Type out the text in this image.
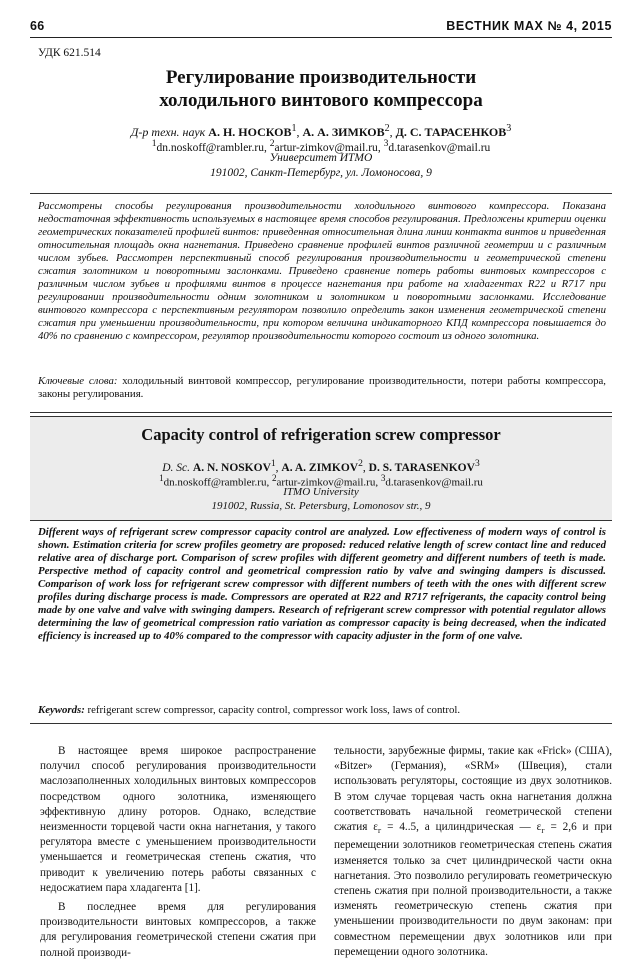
66	ВЕСТНИК МАХ № 4, 2015
УДК 621.514
Регулирование производительности
холодильного винтового компрессора
Д-р техн. наук А. Н. НОСКОВ$^1$, А. А. ЗИМКОВ$^2$, Д. С. ТАРАСЕНКОВ$^3$
$^1$dn.noskoff@rambler.ru, $^2$artur-zimkov@mail.ru, $^3$d.tarasenkov@mail.ru
Университет ИТМО
191002, Санкт-Петербург, ул. Ломоносова, 9
Рассмотрены способы регулирования производительности холодильного винтового компрессора. Показана недостаточная эффективность используемых в настоящее время способов регулирования. Предложены критерии оценки геометрических показателей профилей винтов: приведенная относительная длина линии контакта винтов и приведенная относительная площадь окна нагнетания. Приведено сравнение профилей винтов различной геометрии и с различным числом зубьев. Рассмотрен перспективный способ регулирования производительности и геометрической степени сжатия золотником и поворотными заслонками. Приведено сравнение потерь работы винтовых компрессоров с различным числом зубьев и профилями винтов в процессе нагнетания при работе на хладагентах R22 и R717 при регулировании производительности одним золотником и золотником и поворотными заслонками. Исследование винтового компрессора с перспективным регулятором позволило определить закон изменения геометрической степени сжатия при уменьшении производительности, при котором величина индикаторного КПД компрессора повышается до 40% по сравнению с компрессором, регулятор производительности которого состоит из одного золотника.
Ключевые слова: холодильный винтовой компрессор, регулирование производительности, потери работы компрессора, законы регулирования.
Capacity control of refrigeration screw compressor
D. Sc. A. N. NOSKOV$^1$, A. A. ZIMKOV$^2$, D. S. TARASENKOV$^3$
$^1$dn.noskoff@rambler.ru, $^2$artur-zimkov@mail.ru, $^3$d.tarasenkov@mail.ru
ITMO University
191002, Russia, St. Petersburg, Lomonosov str., 9
Different ways of refrigerant screw compressor capacity control are analyzed. Low effectiveness of modern ways of control is shown. Estimation criteria for screw profiles geometry are proposed: reduced relative length of screw contact line and reduced relative area of discharge port. Comparison of screw profiles with different geometry and different numbers of teeth is made. Perspective method of capacity control and geometrical compression ratio by valve and swinging dampers is discussed. Comparison of work loss for refrigerant screw compressor with different numbers of teeth with the ones with different screw profiles during discharge process is made. Compressors are operated at R22 and R717 refrigerants, the capacity control being made by one valve and valve with swinging dampers. Research of refrigerant screw compressor with potential regulator allows determining the law of geometrical compression ratio variation as compressor capacity is being decreased, when the indicated efficiency is increased up to 40% compared to the compressor with capacity adjuster in the form of one valve.
Keywords: refrigerant screw compressor, capacity control, compressor work loss, laws of control.

В настоящее время широкое распространение получил способ регулирования производительности маслозаполненных холодильных винтовых компрессоров посредством одного золотника, изменяющего эффективную длину роторов. Однако, вследствие неизменности торцевой части окна нагнетания, у такого регулятора вместе с уменьшением производительности уменьшается и геометрическая степень сжатия, что приводит к увеличению потерь работы связанных с недосжатием пара хладагента [1].

В последнее время для регулирования производительности винтовых компрессоров, а также для регулирования геометрической степени сжатия при полной производи-

тельности, зарубежные фирмы, такие как «Frick» (США), «Bitzer» (Германия), «SRM» (Швеция), стали использовать регуляторы, состоящие из двух золотников. В этом случае торцевая часть окна нагнетания должна соответствовать начальной геометрической степени сжатия $\varepsilon_г = 4..5$, а цилиндрическая — $\varepsilon_г = 2,6$ и при перемещении золотников геометрическая степень сжатия изменяется только за счет цилиндрической части окна нагнетания. Это позволило регулировать геометрическую степень сжатия при полной производительности, а также изменять геометрическую степень сжатия при уменьшении производительности по двум законам: при совместном перемещении двух золотников или при перемещении одного золотника.
